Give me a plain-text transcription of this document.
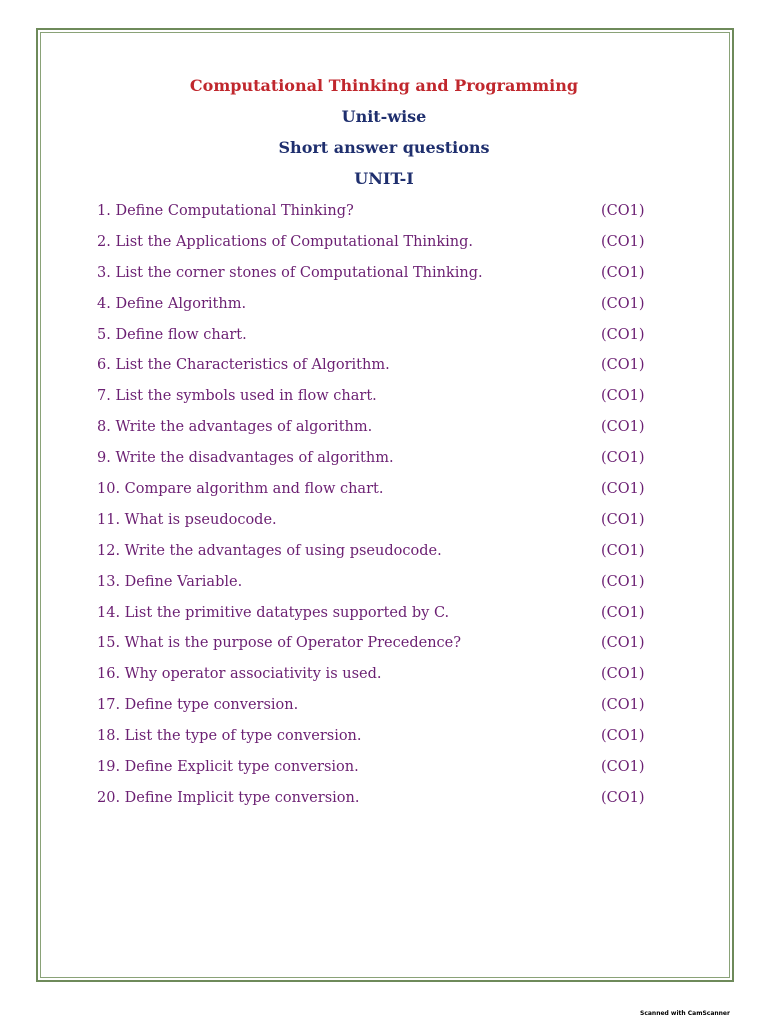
Computational Thinking and Programming
Unit-wise
Short answer questions
UNIT-I
1. Define Computational Thinking?	(CO1)
2. List the Applications of Computational Thinking.	(CO1)
3. List the corner stones of Computational Thinking.	(CO1)
4. Define Algorithm.	(CO1)
5. Define flow chart.	(CO1)
6. List the Characteristics of Algorithm.	(CO1)
7. List the symbols used in flow chart.	(CO1)
8. Write the advantages of algorithm.	(CO1)
9. Write the disadvantages of algorithm.	(CO1)
10. Compare algorithm and flow chart.	(CO1)
11. What is pseudocode.	(CO1)
12. Write the advantages of using pseudocode.	(CO1)
13. Define Variable.	(CO1)
14. List the primitive datatypes supported by C.	(CO1)
15. What is the purpose of Operator Precedence?	(CO1)
16. Why operator associativity is used.	(CO1)
17. Define type conversion.	(CO1)
18. List the type of type conversion.	(CO1)
19. Define Explicit type conversion.	(CO1)
20. Define Implicit type conversion.	(CO1)
Scanned with CamScanner
